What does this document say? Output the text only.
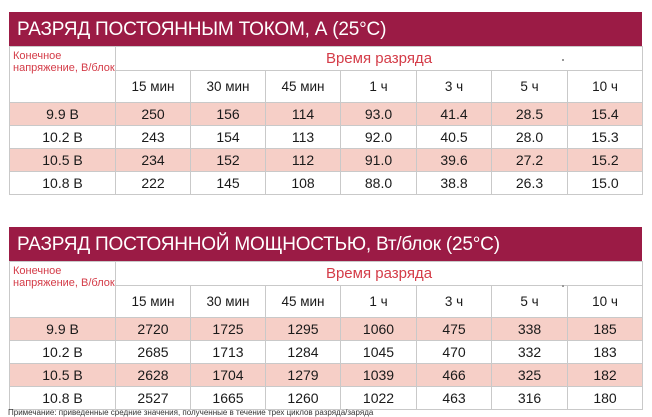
РАЗРЯД ПОСТОЯННЫМ ТОКОМ, А (25°С)
Конечное напряжение, В/блок	Время разряда						
	15 мин	30 мин	45 мин	1 ч	3 ч	5 ч	10 ч
9.9 В	250	156	114	93.0	41.4	28.5	15.4
10.2 В	243	154	113	92.0	40.5	28.0	15.3
10.5 В	234	152	112	91.0	39.6	27.2	15.2
10.8 В	222	145	108	88.0	38.8	26.3	15.0
РАЗРЯД ПОСТОЯННОЙ МОЩНОСТЬЮ, Вт/блок (25°С)
Конечное напряжение, В/блок	Время разряда						
	15 мин	30 мин	45 мин	1 ч	3 ч	5 ч	10 ч
9.9 В	2720	1725	1295	1060	475	338	185
10.2 В	2685	1713	1284	1045	470	332	183
10.5 В	2628	1704	1279	1039	466	325	182
10.8 В	2527	1665	1260	1022	463	316	180
Примечание: приведенные средние значения, полученные в течение трех циклов разряда/заряда
